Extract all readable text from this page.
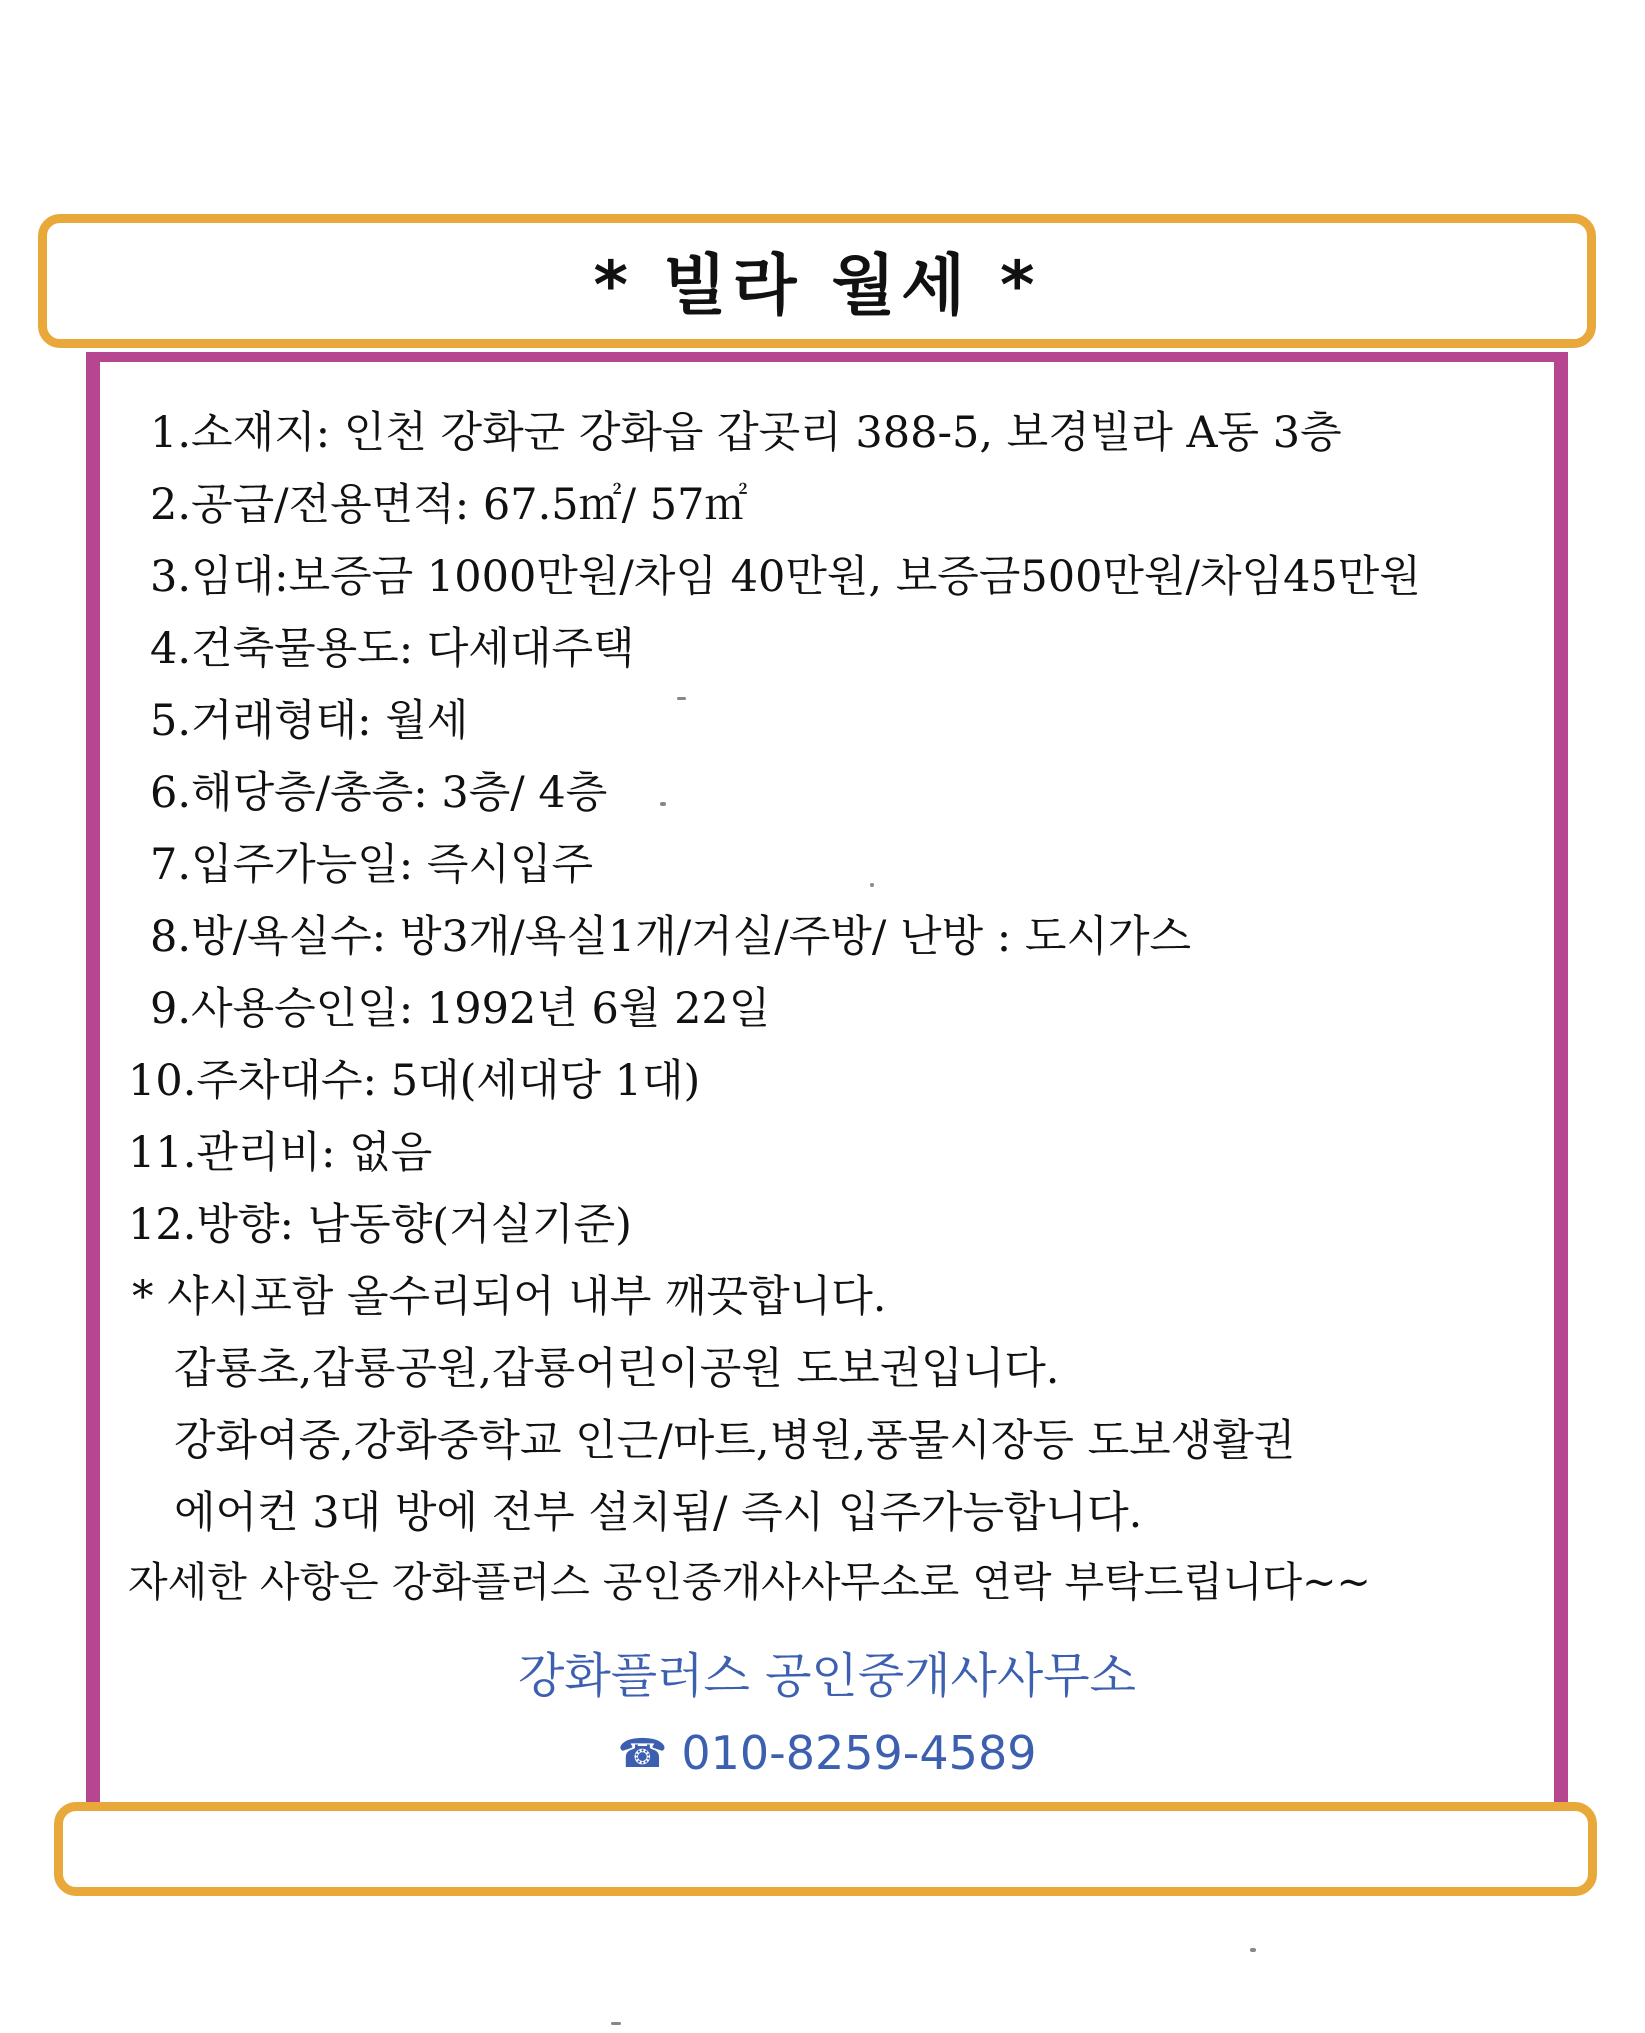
* 빌라 월세 *
1.소재지: 인천 강화군 강화읍 갑곳리 388-5, 보경빌라 A동 3층
2.공급/전용면적: 67.5㎡/ 57㎡
3.임대:보증금 1000만원/차임 40만원, 보증금500만원/차임45만원
4.건축물용도: 다세대주택
5.거래형태: 월세
6.해당층/총층: 3층/ 4층
7.입주가능일: 즉시입주
8.방/욕실수: 방3개/욕실1개/거실/주방/ 난방 : 도시가스
9.사용승인일: 1992년 6월 22일
10.주차대수: 5대(세대당 1대)
11.관리비: 없음
12.방향: 남동향(거실기준)
* 샤시포함 올수리되어 내부 깨끗합니다.
갑룡초,갑룡공원,갑룡어린이공원 도보권입니다.
강화여중,강화중학교 인근/마트,병원,풍물시장등 도보생활권
에어컨 3대 방에 전부 설치됨/ 즉시 입주가능합니다.
자세한 사항은 강화플러스 공인중개사사무소로 연락 부탁드립니다~~
강화플러스 공인중개사사무소
☎ 010-8259-4589
